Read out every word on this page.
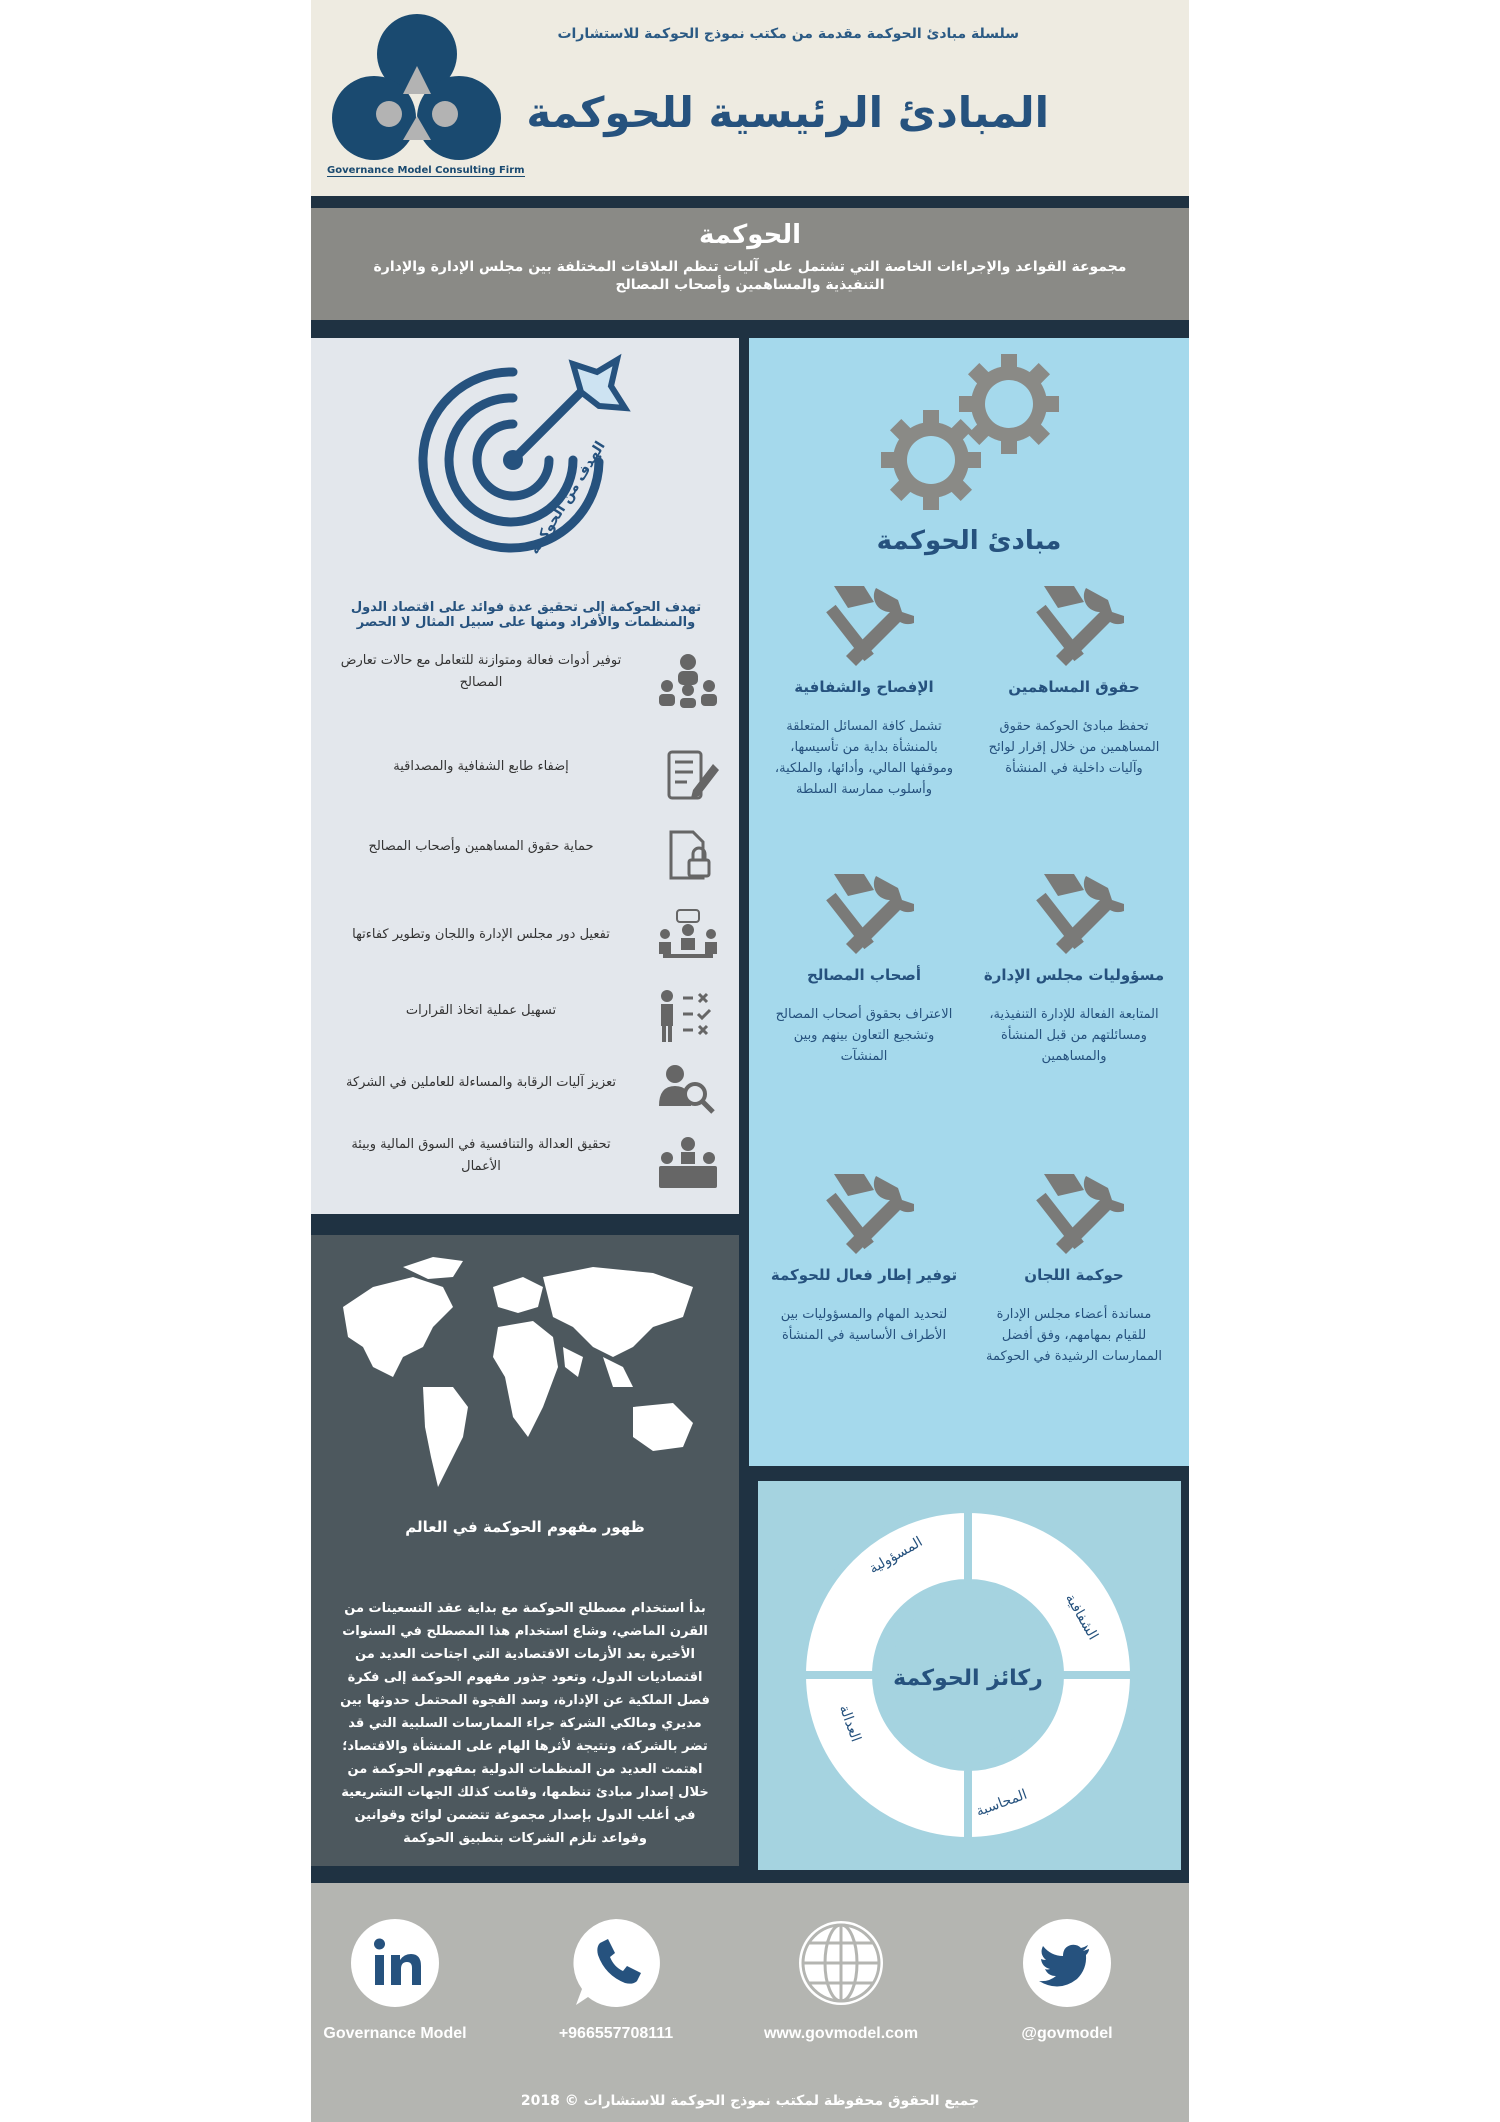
Governance Model Consulting Firm
سلسلة مبادئ الحوكمة مقدمة من مكتب نموذج الحوكمة للاستشارات
المبادئ الرئيسية للحوكمة
الحوكمة

مجموعة القواعد والإجراءات الخاصة التي تشتمل على آليات تنظم العلاقات المختلفة بين مجلس الإدارة والإدارة التنفيذية والمساهمين وأصحاب المصالح

الهدف من الحوكمة
تهدف الحوكمة إلى تحقيق عدة فوائد على اقتصاد الدول والمنظمات والأفراد ومنها على سبيل المثال لا الحصر
توفير أدوات فعالة ومتوازنة للتعامل مع حالات تعارض المصالح
إضفاء طابع الشفافية والمصداقية
حماية حقوق المساهمين وأصحاب المصالح
تفعيل دور مجلس الإدارة واللجان وتطوير كفاءتها
تسهيل عملية اتخاذ القرارات
تعزيز آليات الرقابة والمساءلة للعاملين في الشركة
تحقيق العدالة والتنافسية في السوق المالية وبيئة الأعمال
مبادئ الحوكمة
حقوق المساهمين
تحفظ مبادئ الحوكمة حقوق المساهمين من خلال إقرار لوائح وآليات داخلية في المنشأة
الإفصاح والشفافية
تشمل كافة المسائل المتعلقة بالمنشأة بداية من تأسيسها، وموقفها المالي، وأدائها، والملكية، وأسلوب ممارسة السلطة
مسؤوليات مجلس الإدارة
المتابعة الفعالة للإدارة التنفيذية، ومسائلتهم من قبل المنشأة والمساهمين
أصحاب المصالح
الاعتراف بحقوق أصحاب المصالح وتشجيع التعاون بينهم وبين المنشآت
حوكمة اللجان
مساندة أعضاء مجلس الإدارة للقيام بمهامهم، وفق أفضل الممارسات الرشيدة في الحوكمة
توفير إطار فعال للحوكمة
لتحديد المهام والمسؤوليات بين الأطراف الأساسية في المنشأة
ظهور مفهوم الحوكمة في العالم

بدأ استخدام مصطلح الحوكمة مع بداية عقد التسعينات من القرن الماضي، وشاع استخدام هذا المصطلح في السنوات الأخيرة بعد الأزمات الاقتصادية التي اجتاحت العديد من اقتصاديات الدول، وتعود جذور مفهوم الحوكمة إلى فكرة فصل الملكية عن الإدارة، وسد الفجوة المحتمل حدوثها بين مديري ومالكي الشركة جراء الممارسات السلبية التي قد تضر بالشركة، ونتيجة لأثرها الهام على المنشأة والاقتصاد؛ اهتمت العديد من المنظمات الدولية بمفهوم الحوكمة من خلال إصدار مبادئ تنظمها، وقامت كذلك الجهات التشريعية في أغلب الدول بإصدار مجموعة تتضمن لوائح وقوانين وقواعد تلزم الشركات بتطبيق الحوكمة

ركائز الحوكمة
المسؤولية
الشفافية
المحاسبة
العدالة
Governance Model	+966557708111	www.govmodel.com	@govmodel
جميع الحقوق محفوظة لمكتب نموذج الحوكمة للاستشارات © 2018
